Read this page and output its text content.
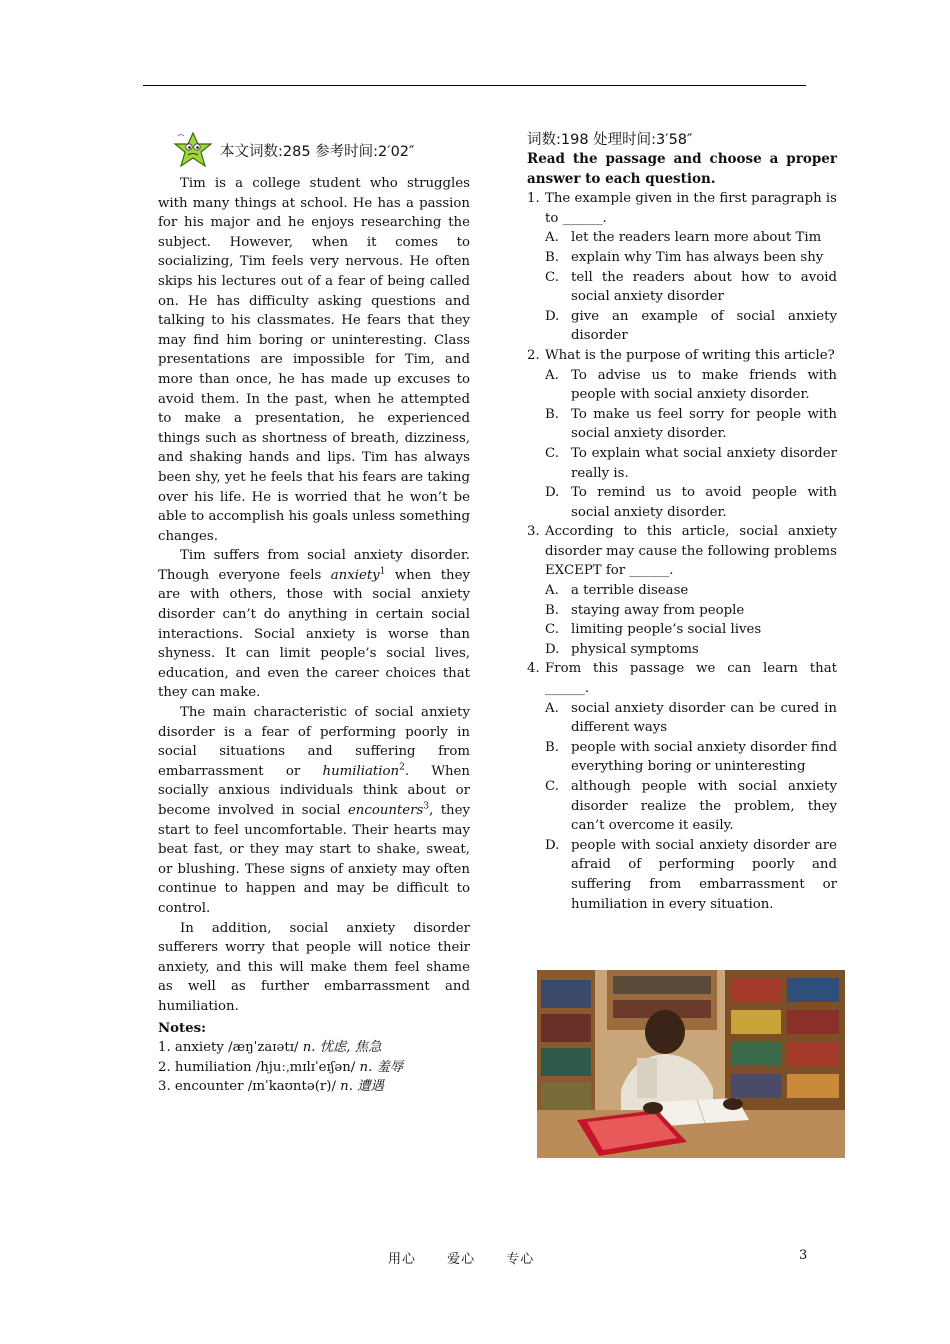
本文词数:285 参考时间:2′02″

Tim is a college student who struggles with many things at school. He has a passion for his major and he enjoys researching the subject. However, when it comes to socializing, Tim feels very nervous. He often skips his lectures out of a fear of being called on. He has difficulty asking questions and talking to his classmates. He fears that they may find him boring or uninteresting. Class presentations are impossible for Tim, and more than once, he has made up excuses to avoid them. In the past, when he attempted to make a presentation, he experienced things such as shortness of breath, dizziness, and shaking hands and lips. Tim has always been shy, yet he feels that his fears are taking over his life. He is worried that he won’t be able to accomplish his goals unless something changes.

Tim suffers from social anxiety disorder. Though everyone feels anxiety$^1$ when they are with others, those with social anxiety disorder can’t do anything in certain social interactions. Social anxiety is worse than shyness. It can limit people’s social lives, education, and even the career choices that they can make.

The main characteristic of social anxiety disorder is a fear of performing poorly in social situations and suffering from embarrassment or humiliation$^2$. When socially anxious individuals think about or become involved in social encounters$^3$, they start to feel uncomfortable. Their hearts may beat fast, or they may start to shake, sweat, or blushing. These signs of anxiety may often continue to happen and may be difficult to control.

In addition, social anxiety disorder sufferers worry that people will notice their anxiety, and this will make them feel shame as well as further embarrassment and humiliation.

Notes:
1. anxiety /æŋˈzaɪətɪ/ n. 忧虑, 焦急
2. humiliation /hjuːˌmɪlɪˈeɪʃən/ n. 羞辱
3. encounter /ɪnˈkaʊntə(r)/ n. 遭遇
词数:198 处理时间:3′58″

Read the passage and choose a proper answer to each question.

1. The example given in the first paragraph is to ______.
A. let the readers learn more about Tim
B. explain why Tim has always been shy
C. tell the readers about how to avoid social anxiety disorder
D. give an example of social anxiety disorder
2. What is the purpose of writing this article?
A. To advise us to make friends with people with social anxiety disorder.
B. To make us feel sorry for people with social anxiety disorder.
C. To explain what social anxiety disorder really is.
D. To remind us to avoid people with social anxiety disorder.
3. According to this article, social anxiety disorder may cause the following problems EXCEPT for ______.
A. a terrible disease
B. staying away from people
C. limiting people’s social lives
D. physical symptoms
4. From this passage we can learn that ______.
A. social anxiety disorder can be cured in different ways
B. people with social anxiety disorder find everything boring or uninteresting
C. although people with social anxiety disorder realize the problem, they can’t overcome it easily.
D. people with social anxiety disorder are afraid of performing poorly and suffering from embarrassment or humiliation in every situation.
用心 爱心 专心	3
